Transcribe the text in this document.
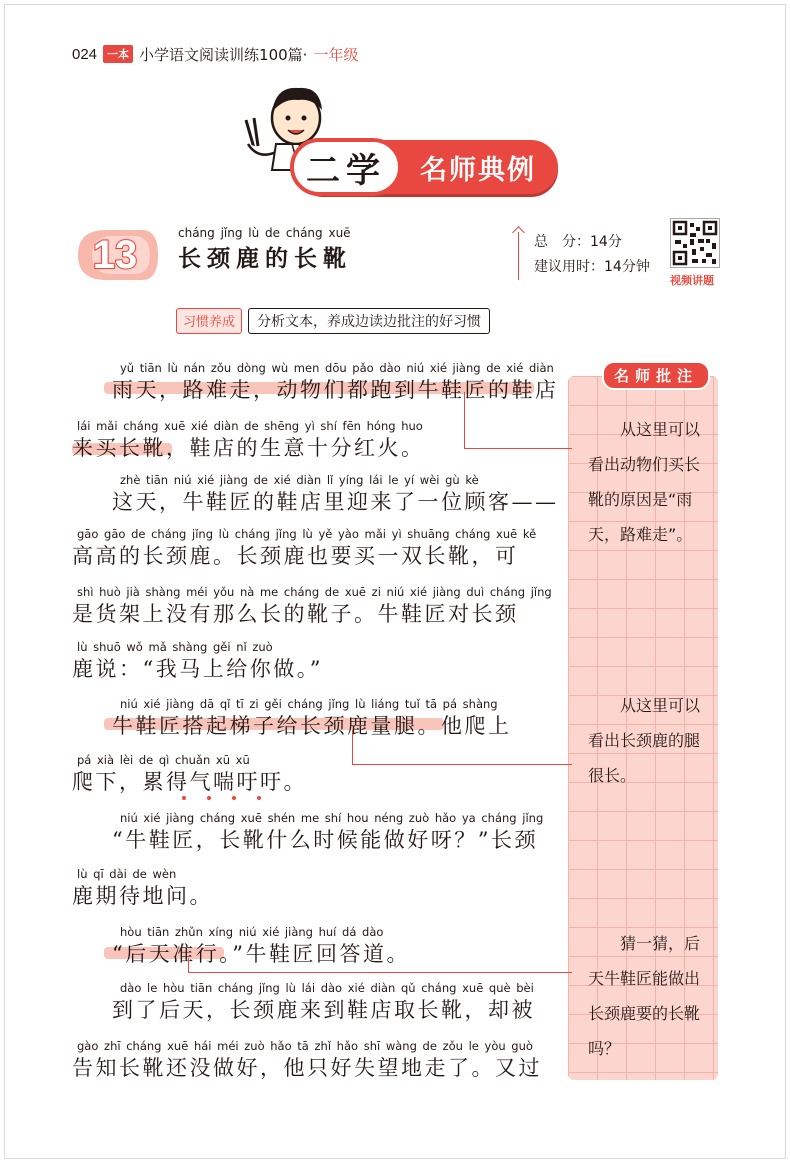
024 一本 小学语文阅读训练100篇· 一年级
二学	名师典例
13	cháng jǐng lù de cháng xuē
长颈鹿的长靴
总　分：14分
建议用时：14分钟
视频讲题
习惯养成	分析文本，养成边读边批注的好习惯
yǔ tiān lù nán zǒu dòng wù men dōu pǎo dào niú xié jiàng de xié diàn
雨天，路难走，动物们都跑到牛鞋匠的鞋店
lái mǎi cháng xuē xié diàn de shēng yì shí fēn hóng huo
来买长靴，鞋店的生意十分红火。
zhè tiān niú xié jiàng de xié diàn lǐ yíng lái le yí wèi gù kè
这天，牛鞋匠的鞋店里迎来了一位顾客——
gāo gāo de cháng jǐng lù cháng jǐng lù yě yào mǎi yì shuāng cháng xuē kě
高高的长颈鹿。长颈鹿也要买一双长靴，可
shì huò jià shàng méi yǒu nà me cháng de xuē zi niú xié jiàng duì cháng jǐng
是货架上没有那么长的靴子。牛鞋匠对长颈
lù shuō wǒ mǎ shàng gěi nǐ zuò
鹿说：“我马上给你做。”
niú xié jiàng dā qǐ tī zi gěi cháng jǐng lù liáng tuǐ tā pá shàng
牛鞋匠搭起梯子给长颈鹿量腿。他爬上
pá xià lèi de qì chuǎn xū xū
爬下，累得气喘吁吁。
niú xié jiàng cháng xuē shén me shí hou néng zuò hǎo ya cháng jǐng
“牛鞋匠，长靴什么时候能做好呀？”长颈
lù qī dài de wèn
鹿期待地问。
hòu tiān zhǔn xíng niú xié jiàng huí dá dào
“后天准行。”牛鞋匠回答道。
dào le hòu tiān cháng jǐng lù lái dào xié diàn qǔ cháng xuē què bèi
到了后天，长颈鹿来到鞋店取长靴，却被
gào zhī cháng xuē hái méi zuò hǎo tā zhǐ hǎo shī wàng de zǒu le yòu guò
告知长靴还没做好，他只好失望地走了。又过
名师批注
从这里可以看出动物们买长靴的原因是“雨天，路难走”。
从这里可以看出长颈鹿的腿很长。
猜一猜，后天牛鞋匠能做出长颈鹿要的长靴吗？
